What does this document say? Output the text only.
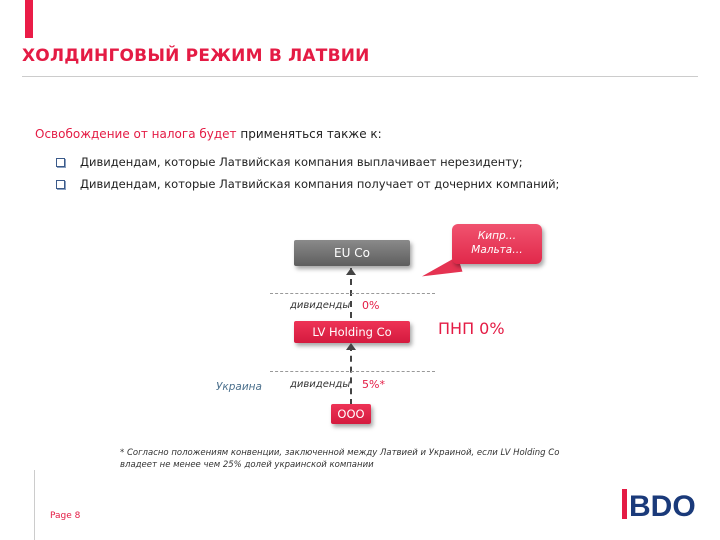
ХОЛДИНГОВЫЙ РЕЖИМ В ЛАТВИИ
Освобождение от налога будет применяться также к:
Дивидендам, которые Латвийская компания выплачивает нерезиденту;
Дивидендам, которые Латвийская компания получает от дочерних компаний;
EU Co
Кипр…
Мальта…
дивиденды 0%
LV Holding Co	ПНП 0%
Украина	дивиденды 5%*
ООО
* Согласно положениям конвенции, заключенной между Латвией и Украиной, если LV Holding Co владеет не менее чем 25% долей украинской компании
Page 8	BDO
